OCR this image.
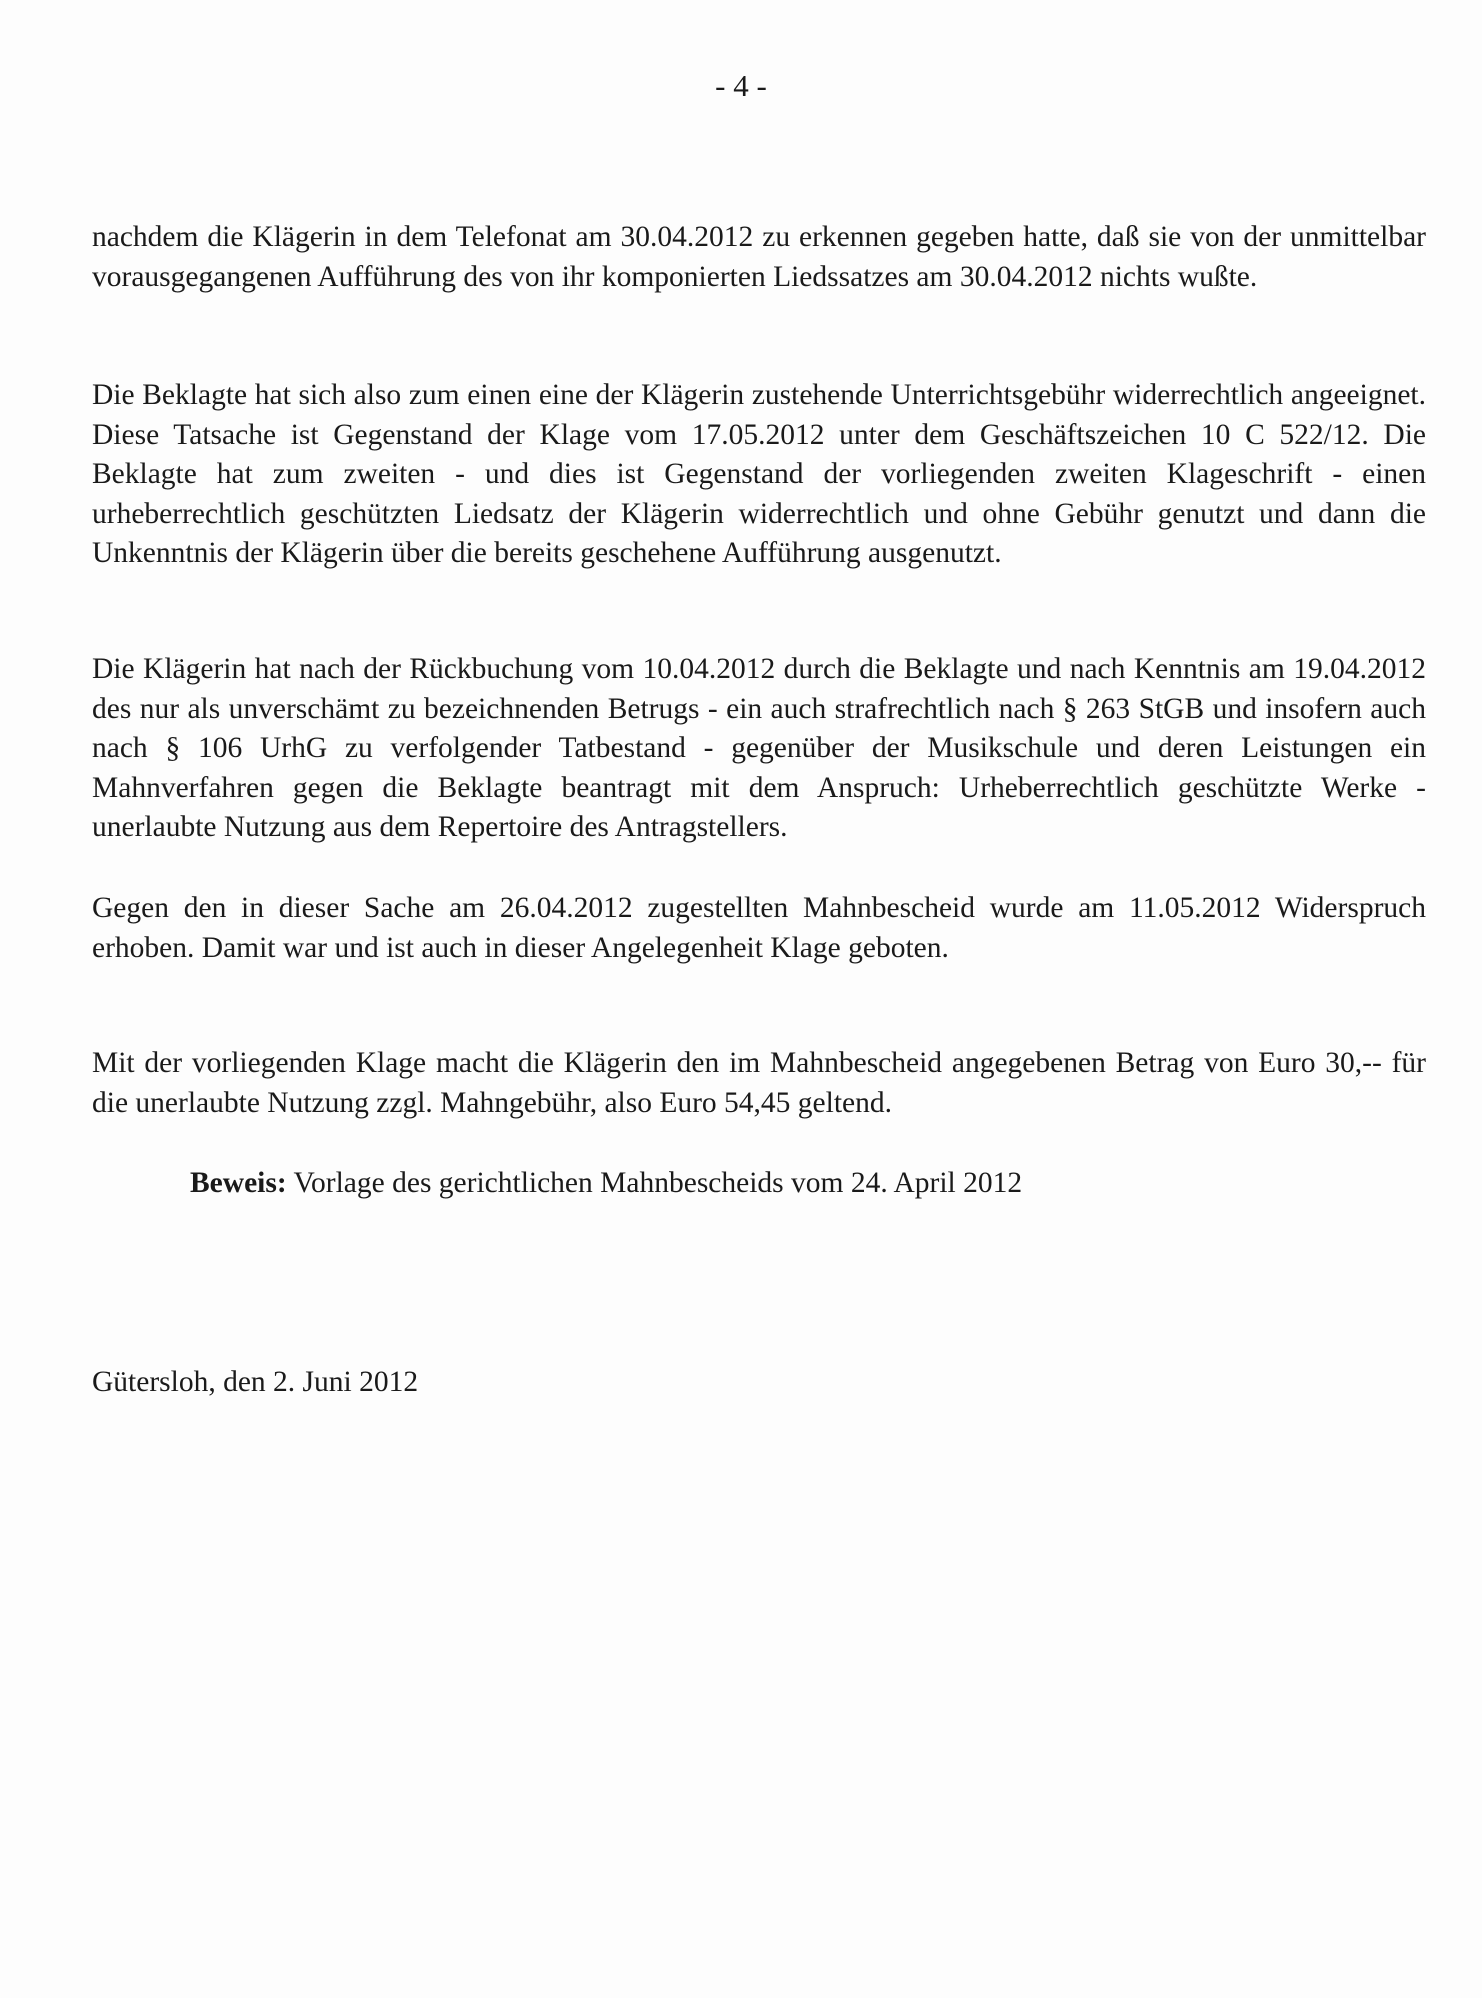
- 4 -

nachdem die Klägerin in dem Telefonat am 30.04.2012 zu erkennen gegeben hatte, daß sie von der unmittelbar vorausgegangenen Aufführung des von ihr komponierten Liedssatzes am 30.04.2012 nichts wußte.

Die Beklagte hat sich also zum einen eine der Klägerin zustehende Unterrichtsgebühr widerrechtlich angeeignet. Diese Tatsache ist Gegenstand der Klage vom 17.05.2012 unter dem Geschäftszeichen 10 C 522/12. Die Beklagte hat zum zweiten - und dies ist Gegenstand der vorliegenden zweiten Klageschrift - einen urheberrechtlich geschützten Liedsatz der Klägerin widerrechtlich und ohne Gebühr genutzt und dann die Unkenntnis der Klägerin über die bereits geschehene Aufführung ausgenutzt.

Die Klägerin hat nach der Rückbuchung vom 10.04.2012 durch die Beklagte und nach Kenntnis am 19.04.2012 des nur als unverschämt zu bezeichnenden Betrugs - ein auch strafrechtlich nach § 263 StGB und insofern auch nach § 106 UrhG zu verfolgender Tatbestand - gegenüber der Musikschule und deren Leistungen ein Mahnverfahren gegen die Beklagte beantragt mit dem Anspruch: Urheberrechtlich geschützte Werke - unerlaubte Nutzung aus dem Repertoire des Antragstellers.

Gegen den in dieser Sache am 26.04.2012 zugestellten Mahnbescheid wurde am 11.05.2012 Widerspruch erhoben. Damit war und ist auch in dieser Angelegenheit Klage geboten.

Mit der vorliegenden Klage macht die Klägerin den im Mahnbescheid angegebenen Betrag von Euro 30,-- für die unerlaubte Nutzung zzgl. Mahngebühr, also Euro 54,45 geltend.

Beweis: Vorlage des gerichtlichen Mahnbescheids vom 24. April 2012
Gütersloh, den 2. Juni 2012
